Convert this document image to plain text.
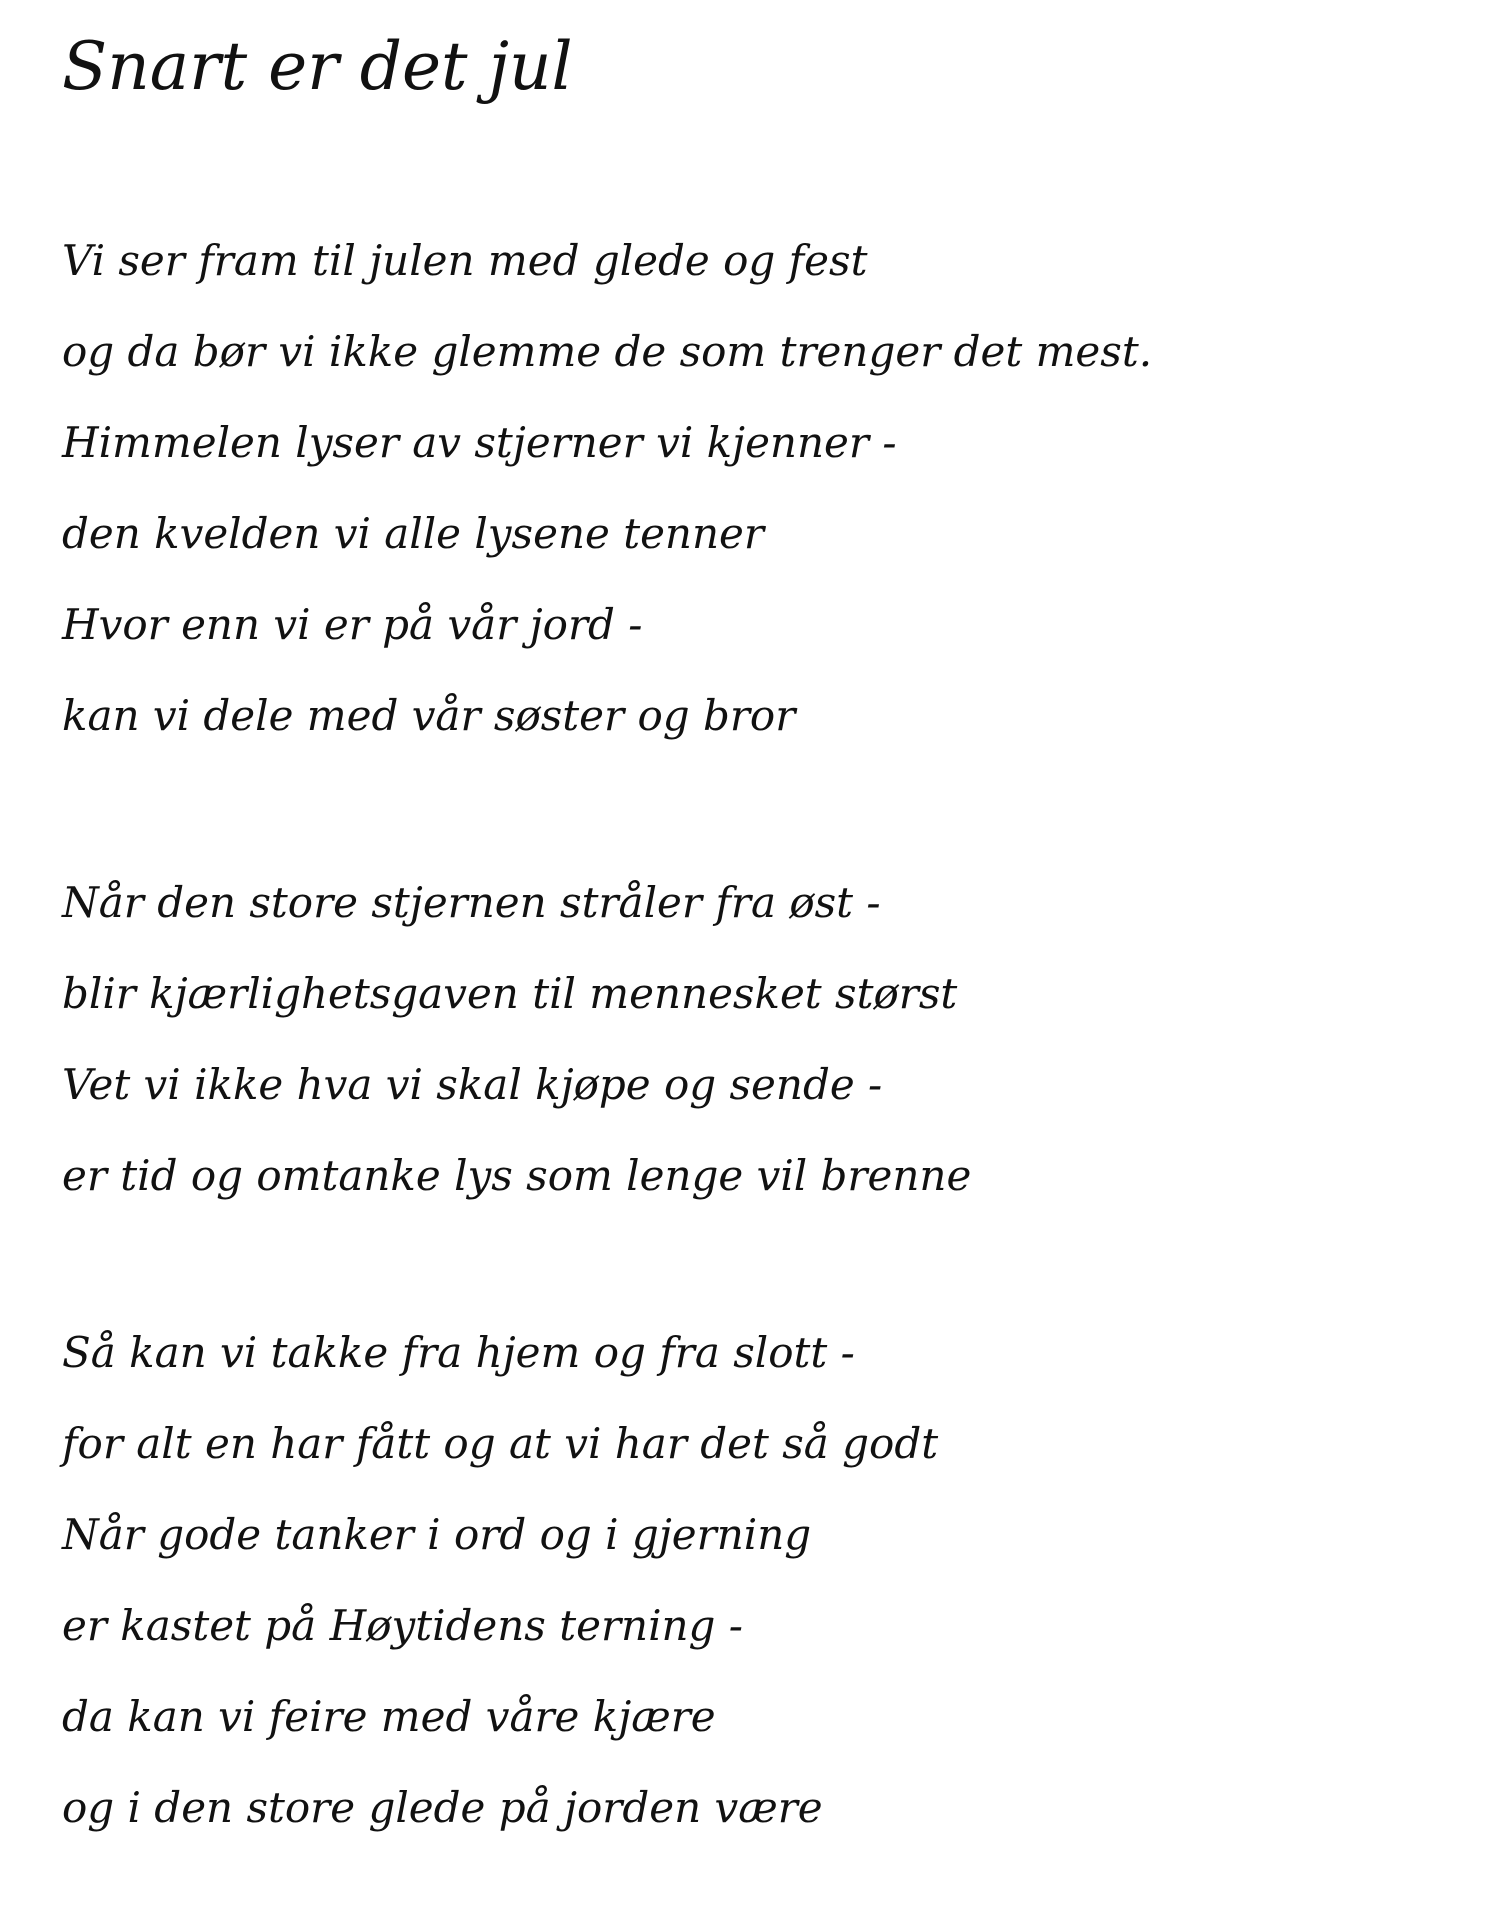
Snart er det jul
Vi ser fram til julen med glede og fest
og da bør vi ikke glemme de som trenger det mest.
Himmelen lyser av stjerner vi kjenner -
den kvelden vi alle lysene tenner
Hvor enn vi er på vår jord -
kan vi dele med vår søster og bror
Når den store stjernen stråler fra øst -
blir kjærlighetsgaven til mennesket størst
Vet vi ikke hva vi skal kjøpe og sende -
er tid og omtanke lys som lenge vil brenne
Så kan vi takke fra hjem og fra slott -
for alt en har fått og at vi har det så godt
Når gode tanker i ord og i gjerning
er kastet på Høytidens terning -
da kan vi feire med våre kjære
og i den store glede på jorden være
